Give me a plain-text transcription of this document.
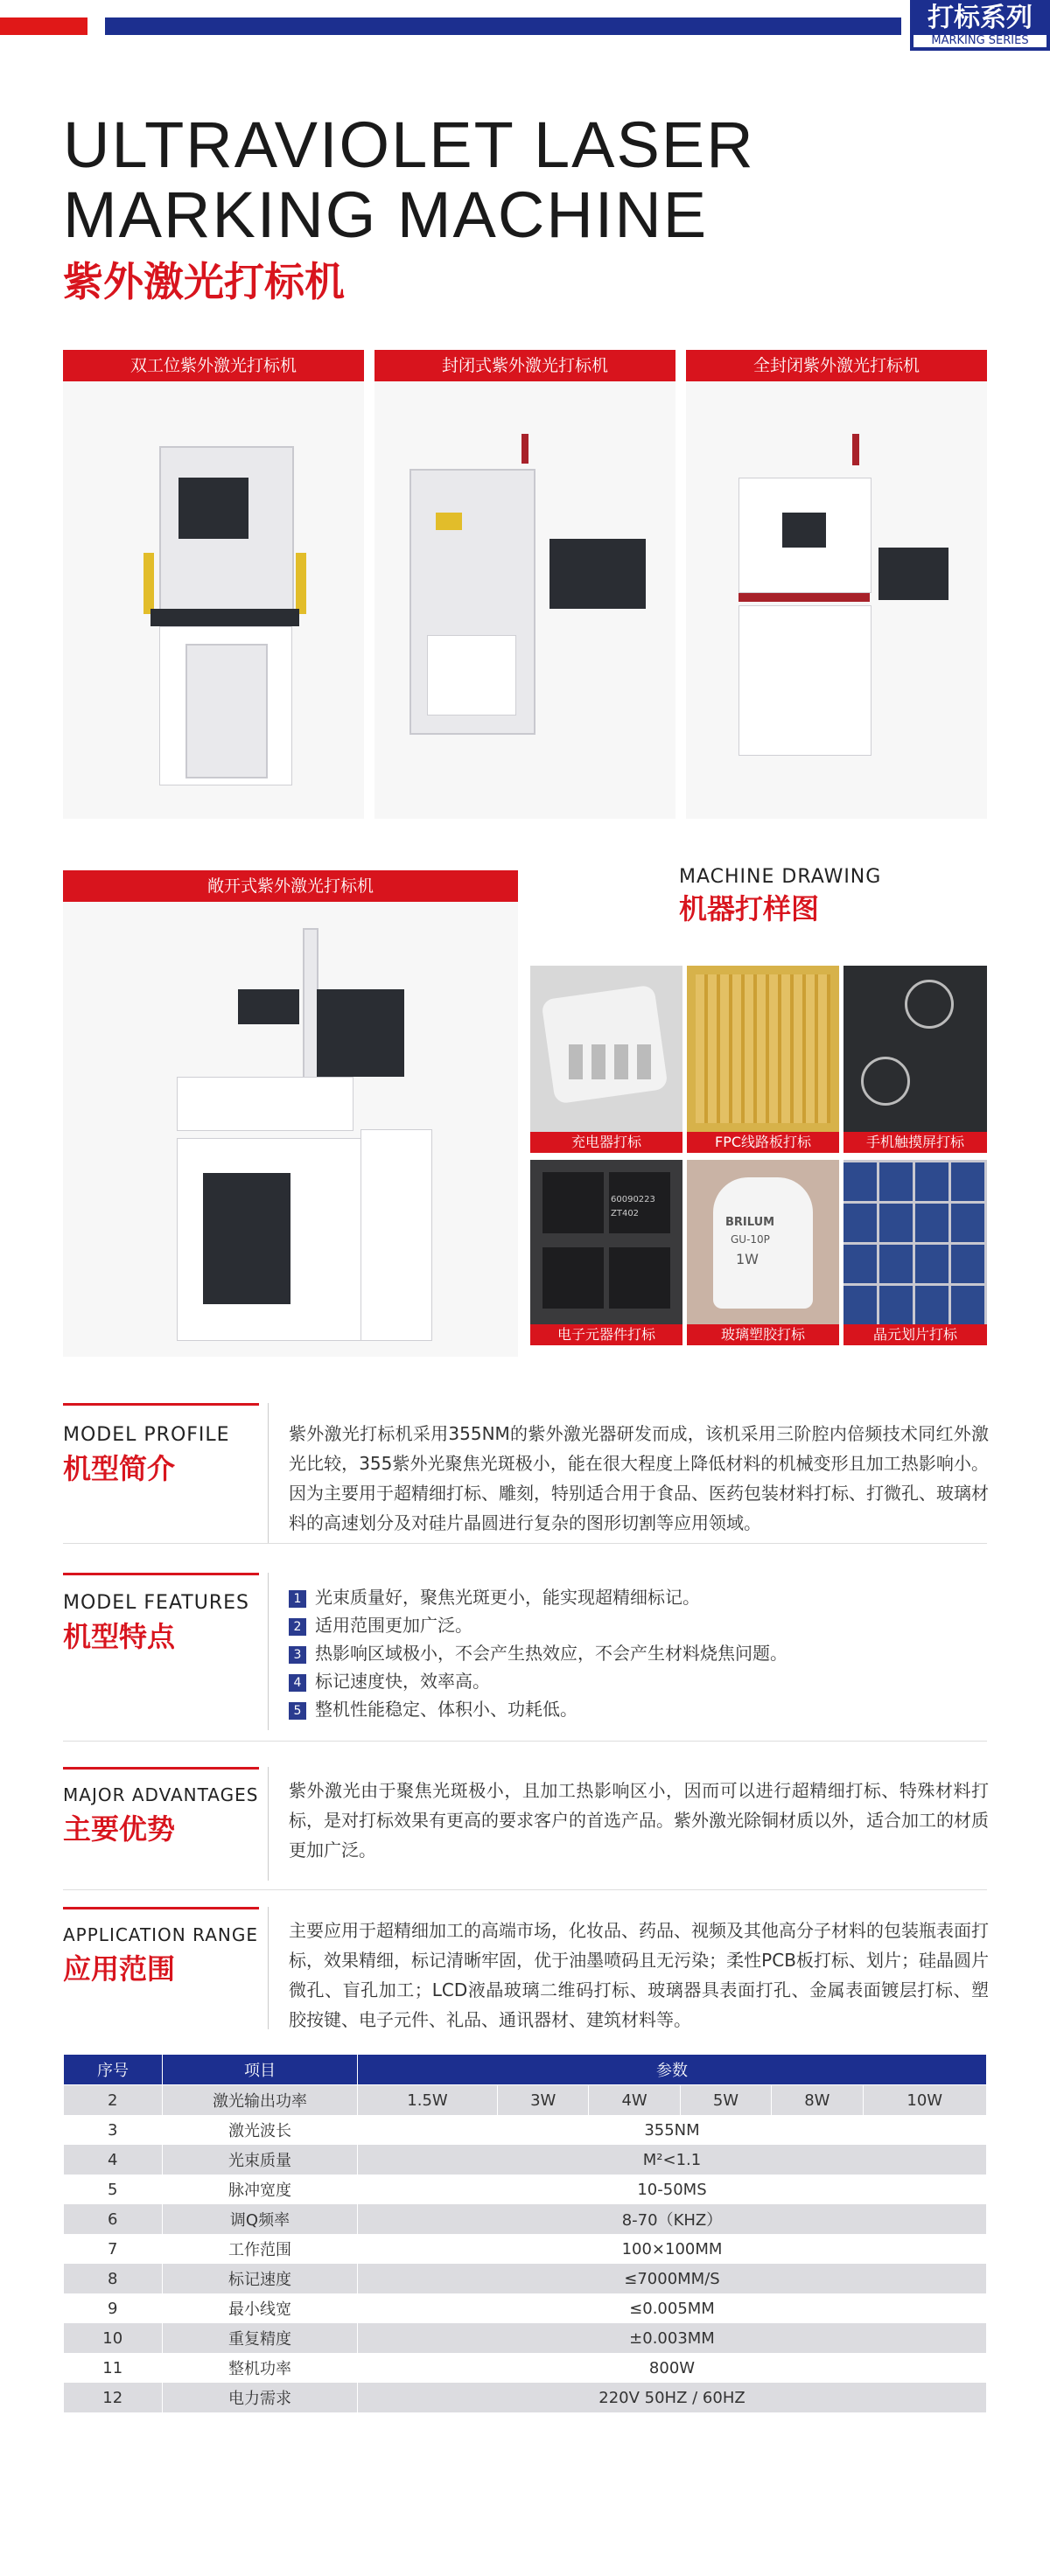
打标系列
MARKING SERIES
ULTRAVIOLET LASER
MARKING MACHINE
紫外激光打标机
双工位紫外激光打标机	封闭式紫外激光打标机	全封闭紫外激光打标机
敞开式紫外激光打标机	MACHINE DRAWING
机器打样图
充电器打标	FPC线路板打标	手机触摸屏打标
60090223
ZT402
BRILUM
GU-10P
1W
电子元器件打标	玻璃塑胶打标	晶元划片打标
MODEL PROFILE
机型简介
紫外激光打标机采用355NM的紫外激光器研发而成，该机采用三阶腔内倍频技术同红外激光比较，355紫外光聚焦光斑极小，能在很大程度上降低材料的机械变形且加工热影响小。因为主要用于超精细打标、雕刻，特别适合用于食品、医药包装材料打标、打微孔、玻璃材料的高速划分及对硅片晶圆进行复杂的图形切割等应用领域。
MODEL FEATURES
机型特点
1 光束质量好，聚焦光斑更小，能实现超精细标记。
2 适用范围更加广泛。
3 热影响区域极小，不会产生热效应，不会产生材料烧焦问题。
4 标记速度快，效率高。
5 整机性能稳定、体积小、功耗低。
MAJOR ADVANTAGES
主要优势
紫外激光由于聚焦光斑极小，且加工热影响区小，因而可以进行超精细打标、特殊材料打标，是对打标效果有更高的要求客户的首选产品。紫外激光除铜材质以外，适合加工的材质更加广泛。
APPLICATION RANGE
应用范围
主要应用于超精细加工的高端市场，化妆品、药品、视频及其他高分子材料的包装瓶表面打标，效果精细，标记清晰牢固，优于油墨喷码且无污染；柔性PCB板打标、划片；硅晶圆片微孔、盲孔加工；LCD液晶玻璃二维码打标、玻璃器具表面打孔、金属表面镀层打标、塑胶按键、电子元件、礼品、通讯器材、建筑材料等。
序号	项目	参数					
2	激光输出功率	1.5W	3W	4W	5W	8W	10W
3	激光波长	355NM					
4	光束质量	M²<1.1					
5	脉冲宽度	10-50MS					
6	调Q频率	8-70（KHZ）					
7	工作范围	100×100MM					
8	标记速度	≤7000MM/S					
9	最小线宽	≤0.005MM					
10	重复精度	±0.003MM					
11	整机功率	800W					
12	电力需求	220V 50HZ / 60HZ					
